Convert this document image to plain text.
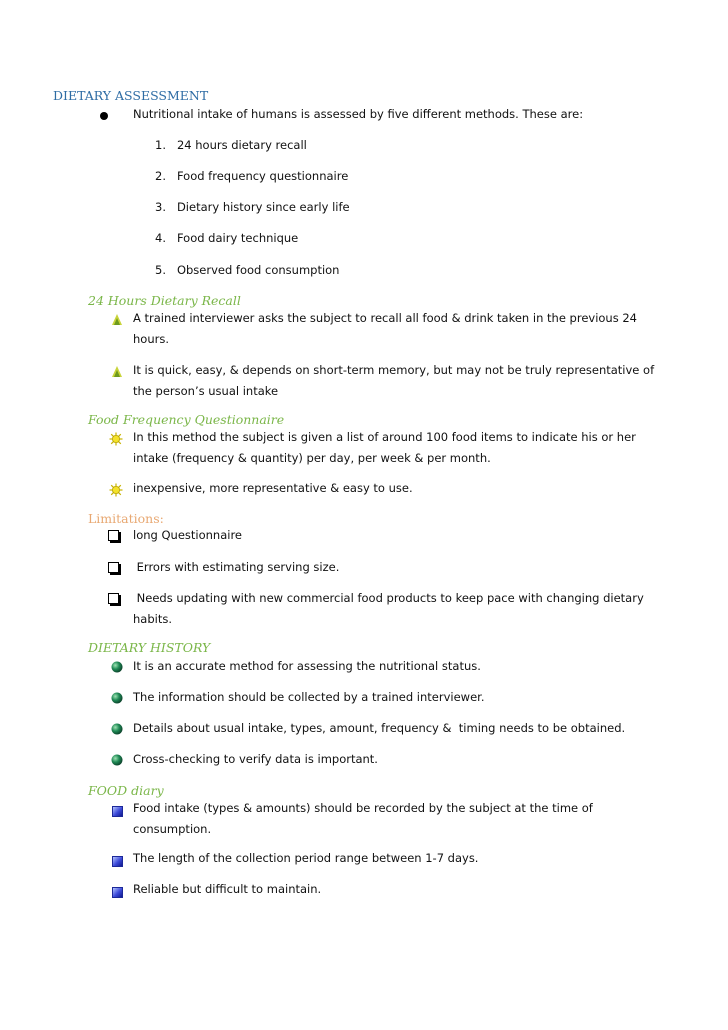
DIETARY ASSESSMENT
Nutritional intake of humans is assessed by five different methods. These are:
1.   24 hours dietary recall
2.   Food frequency questionnaire
3.   Dietary history since early life
4.   Food dairy technique
5.   Observed food consumption
24 Hours Dietary Recall
A trained interviewer asks the subject to recall all food & drink taken in the previous 24
hours.
It is quick, easy, & depends on short-term memory, but may not be truly representative of
the person’s usual intake
Food Frequency Questionnaire
In this method the subject is given a list of around 100 food items to indicate his or her
intake (frequency & quantity) per day, per week & per month.
inexpensive, more representative & easy to use.
Limitations:
long Questionnaire
Errors with estimating serving size.
Needs updating with new commercial food products to keep pace with changing dietary
habits.
DIETARY HISTORY
It is an accurate method for assessing the nutritional status.
The information should be collected by a trained interviewer.
Details about usual intake, types, amount, frequency &  timing needs to be obtained.
Cross-checking to verify data is important.
FOOD diary
Food intake (types & amounts) should be recorded by the subject at the time of
consumption.
The length of the collection period range between 1-7 days.
Reliable but difficult to maintain.
